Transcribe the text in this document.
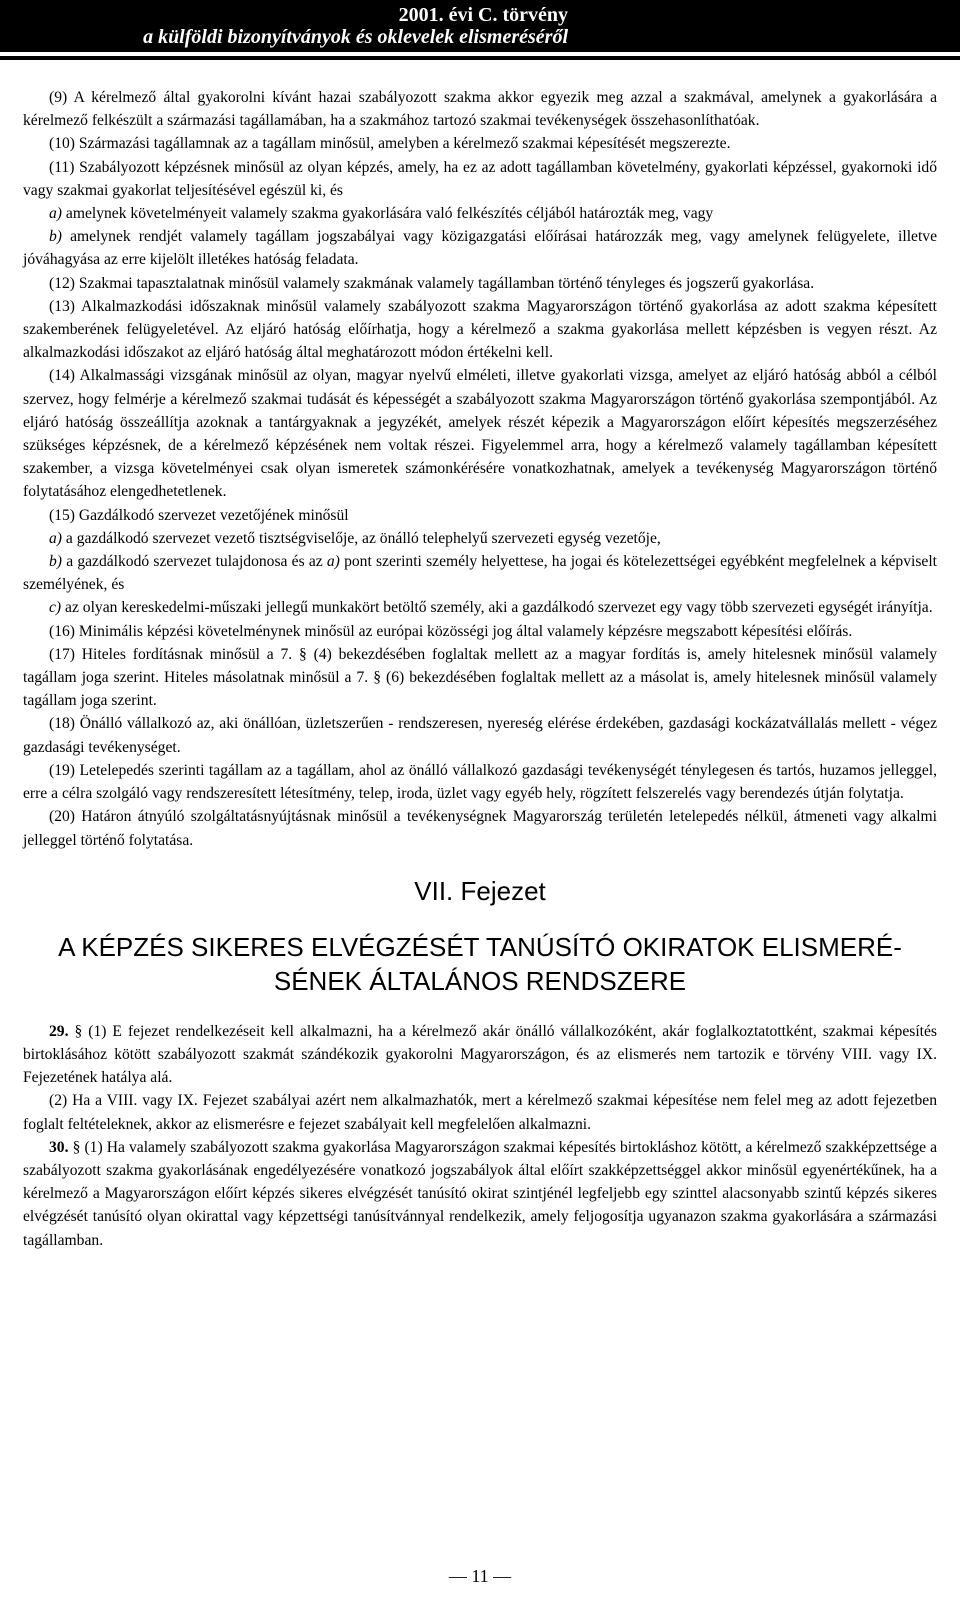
2001. évi C. törvény
a külföldi bizonyítványok és oklevelek elismeréséről

(9) A kérelmező által gyakorolni kívánt hazai szabályozott szakma akkor egyezik meg azzal a szakmával, amelynek a gyakorlására a kérelmező felkészült a származási tagállamában, ha a szakmához tartozó szakmai tevékenységek összehasonlíthatóak.

(10) Származási tagállamnak az a tagállam minősül, amelyben a kérelmező szakmai képesítését megszerezte.

(11) Szabályozott képzésnek minősül az olyan képzés, amely, ha ez az adott tagállamban követelmény, gyakorlati képzéssel, gyakornoki idő vagy szakmai gyakorlat teljesítésével egészül ki, és

a) amelynek követelményeit valamely szakma gyakorlására való felkészítés céljából határozták meg, vagy

b) amelynek rendjét valamely tagállam jogszabályai vagy közigazgatási előírásai határozzák meg, vagy amelynek felügyelete, illetve jóváhagyása az erre kijelölt illetékes hatóság feladata.

(12) Szakmai tapasztalatnak minősül valamely szakmának valamely tagállamban történő tényleges és jogszerű gyakorlása.

(13) Alkalmazkodási időszaknak minősül valamely szabályozott szakma Magyarországon történő gyakorlása az adott szakma képesített szakemberének felügyeletével. Az eljáró hatóság előírhatja, hogy a kérelmező a szakma gyakorlása mellett képzésben is vegyen részt. Az alkalmazkodási időszakot az eljáró hatóság által meghatározott módon értékelni kell.

(14) Alkalmassági vizsgának minősül az olyan, magyar nyelvű elméleti, illetve gyakorlati vizsga, amelyet az eljáró hatóság abból a célból szervez, hogy felmérje a kérelmező szakmai tudását és képességét a szabályozott szakma Magyarországon történő gyakorlása szempontjából. Az eljáró hatóság összeállítja azoknak a tantárgyaknak a jegyzékét, amelyek részét képezik a Magyarországon előírt képesítés megszerzéséhez szükséges képzésnek, de a kérelmező képzésének nem voltak részei. Figyelemmel arra, hogy a kérelmező valamely tagállamban képesített szakember, a vizsga követelményei csak olyan ismeretek számonkérésére vonatkozhatnak, amelyek a tevékenység Magyarországon történő folytatásához elengedhetetlenek.

(15) Gazdálkodó szervezet vezetőjének minősül

a) a gazdálkodó szervezet vezető tisztségviselője, az önálló telephelyű szervezeti egység vezetője,

b) a gazdálkodó szervezet tulajdonosa és az a) pont szerinti személy helyettese, ha jogai és kötelezettségei egyébként megfelelnek a képviselt személyének, és

c) az olyan kereskedelmi-műszaki jellegű munkakört betöltő személy, aki a gazdálkodó szervezet egy vagy több szervezeti egységét irányítja.

(16) Minimális képzési követelménynek minősül az európai közösségi jog által valamely képzésre megszabott képesítési előírás.

(17) Hiteles fordításnak minősül a 7. § (4) bekezdésében foglaltak mellett az a magyar fordítás is, amely hitelesnek minősül valamely tagállam joga szerint. Hiteles másolatnak minősül a 7. § (6) bekezdésében foglaltak mellett az a másolat is, amely hitelesnek minősül valamely tagállam joga szerint.

(18) Önálló vállalkozó az, aki önállóan, üzletszerűen - rendszeresen, nyereség elérése érdekében, gazdasági kockázatvállalás mellett - végez gazdasági tevékenységet.

(19) Letelepedés szerinti tagállam az a tagállam, ahol az önálló vállalkozó gazdasági tevékenységét ténylegesen és tartós, huzamos jelleggel, erre a célra szolgáló vagy rendszeresített létesítmény, telep, iroda, üzlet vagy egyéb hely, rögzített felszerelés vagy berendezés útján folytatja.

(20) Határon átnyúló szolgáltatásnyújtásnak minősül a tevékenységnek Magyarország területén letelepedés nélkül, átmeneti vagy alkalmi jelleggel történő folytatása.

VII. Fejezet
A KÉPZÉS SIKERES ELVÉGZÉSÉT TANÚSÍTÓ OKIRATOK ELISMERÉ-
SÉNEK ÁLTALÁNOS RENDSZERE

29. § (1) E fejezet rendelkezéseit kell alkalmazni, ha a kérelmező akár önálló vállalkozóként, akár foglalkoztatottként, szakmai képesítés birtoklásához kötött szabályozott szakmát szándékozik gyakorolni Magyarországon, és az elismerés nem tartozik e törvény VIII. vagy IX. Fejezetének hatálya alá.

(2) Ha a VIII. vagy IX. Fejezet szabályai azért nem alkalmazhatók, mert a kérelmező szakmai képesítése nem felel meg az adott fejezetben foglalt feltételeknek, akkor az elismerésre e fejezet szabályait kell megfelelően alkalmazni.

30. § (1) Ha valamely szabályozott szakma gyakorlása Magyarországon szakmai képesítés birtokláshoz kötött, a kérelmező szakképzettsége a szabályozott szakma gyakorlásának engedélyezésére vonatkozó jogszabályok által előírt szakképzettséggel akkor minősül egyenértékűnek, ha a kérelmező a Magyarországon előírt képzés sikeres elvégzését tanúsító okirat szintjénél legfeljebb egy szinttel alacsonyabb szintű képzés sikeres elvégzését tanúsító olyan okirattal vagy képzettségi tanúsítvánnyal rendelkezik, amely feljogosítja ugyanazon szakma gyakorlására a származási tagállamban.

— 11 —
